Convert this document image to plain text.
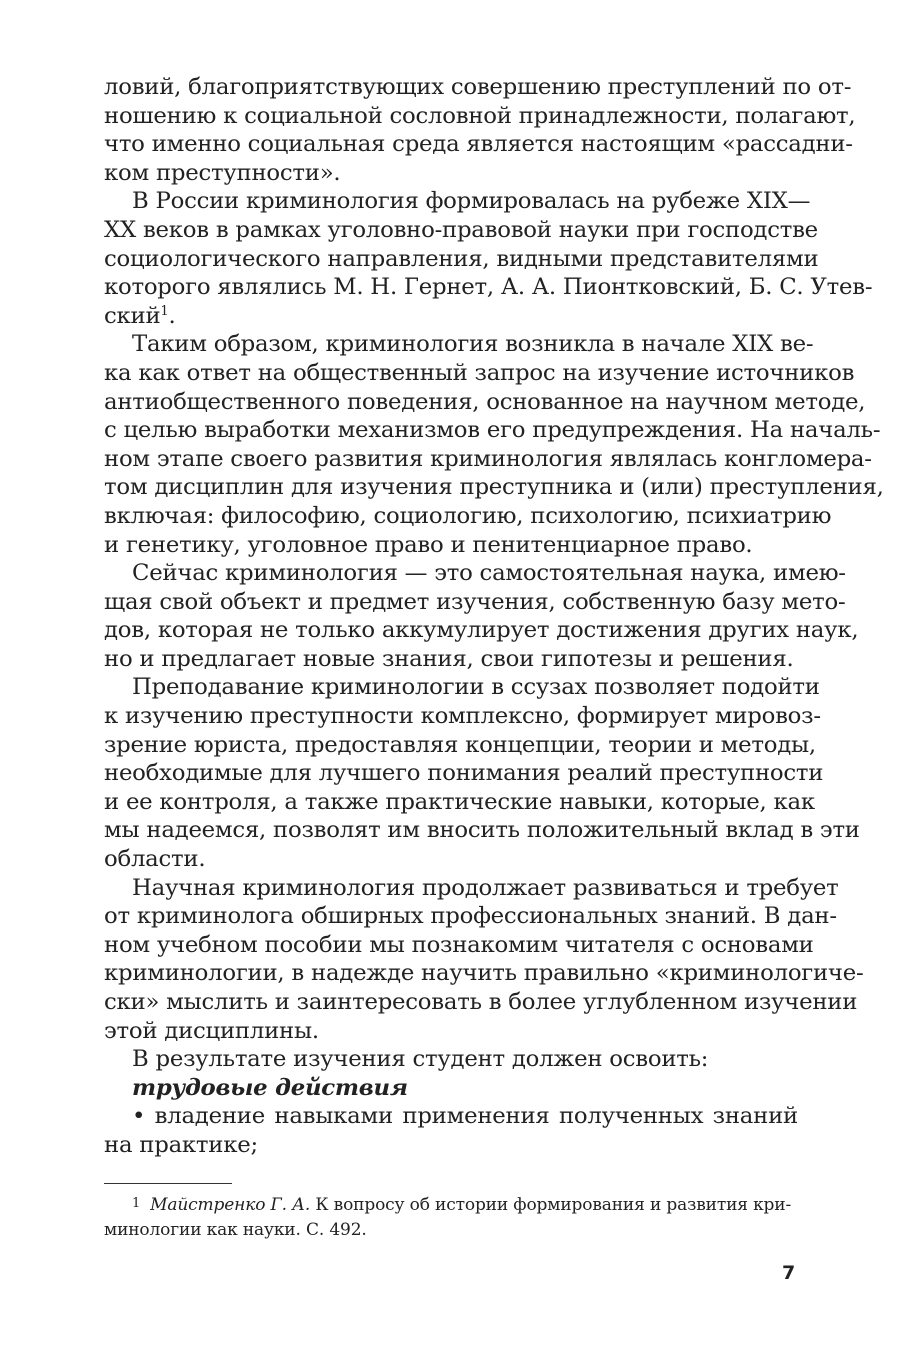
ловий, благоприятствующих совершению преступлений по от-
ношению к социальной сословной принадлежности, полагают,
что именно социальная среда является настоящим «рассадни-
ком преступности».
В России криминология формировалась на рубеже XIX—
XX веков в рамках уголовно-правовой науки при господстве
социологического направления, видными представителями
которого являлись М. Н. Гернет, А. А. Пионтковский, Б. С. Утев-
ский$^1$.
Таким образом, криминология возникла в начале XIX ве-
ка как ответ на общественный запрос на изучение источников
антиобщественного поведения, основанное на научном методе,
с целью выработки механизмов его предупреждения. На началь-
ном этапе своего развития криминология являлась конгломера-
том дисциплин для изучения преступника и (или) преступления,
включая: философию, социологию, психологию, психиатрию
и генетику, уголовное право и пенитенциарное право.
Сейчас криминология — это самостоятельная наука, имею-
щая свой объект и предмет изучения, собственную базу мето-
дов, которая не только аккумулирует достижения других наук,
но и предлагает новые знания, свои гипотезы и решения.
Преподавание криминологии в ссузах позволяет подойти
к изучению преступности комплексно, формирует мировоз-
зрение юриста, предоставляя концепции, теории и методы,
необходимые для лучшего понимания реалий преступности
и ее контроля, а также практические навыки, которые, как
мы надеемся, позволят им вносить положительный вклад в эти
области.
Научная криминология продолжает развиваться и требует
от криминолога обширных профессиональных знаний. В дан-
ном учебном пособии мы познакомим читателя с основами
криминологии, в надежде научить правильно «криминологиче-
ски» мыслить и заинтересовать в более углубленном изучении
этой дисциплины.
В результате изучения студент должен освоить:
трудовые действия
• владение навыками применения полученных знаний
на практике;
$^1$ Майстренко Г. А. К вопросу об истории формирования и развития кри-
минологии как науки. С. 492.
7
